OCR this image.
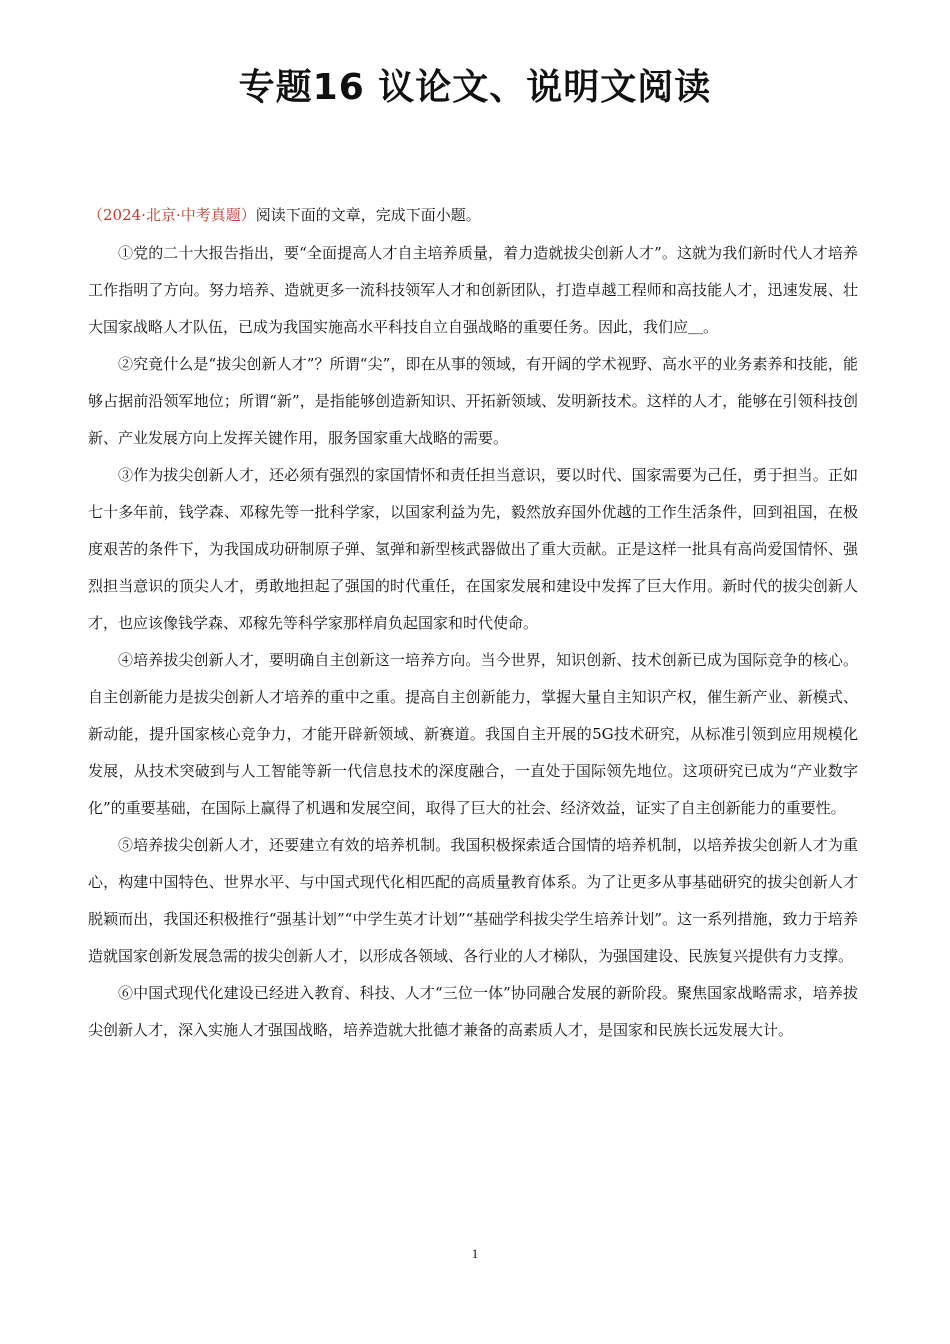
专题16 议论文、说明文阅读

（2024·北京·中考真题）阅读下面的文章，完成下面小题。

①党的二十大报告指出，要“全面提高人才自主培养质量，着力造就拔尖创新人才”。这就为我们新时代人才培养工作指明了方向。努力培养、造就更多一流科技领军人才和创新团队，打造卓越工程师和高技能人才，迅速发展、壮大国家战略人才队伍，已成为我国实施高水平科技自立自强战略的重要任务。因此，我们应＿。

②究竟什么是“拔尖创新人才”？所谓“尖”，即在从事的领域，有开阔的学术视野、高水平的业务素养和技能，能够占据前沿领军地位；所谓“新”，是指能够创造新知识、开拓新领域、发明新技术。这样的人才，能够在引领科技创新、产业发展方向上发挥关键作用，服务国家重大战略的需要。

③作为拔尖创新人才，还必须有强烈的家国情怀和责任担当意识，要以时代、国家需要为己任，勇于担当。正如七十多年前，钱学森、邓稼先等一批科学家，以国家利益为先，毅然放弃国外优越的工作生活条件，回到祖国，在极度艰苦的条件下，为我国成功研制原子弹、氢弹和新型核武器做出了重大贡献。正是这样一批具有高尚爱国情怀、强烈担当意识的顶尖人才，勇敢地担起了强国的时代重任，在国家发展和建设中发挥了巨大作用。新时代的拔尖创新人才，也应该像钱学森、邓稼先等科学家那样肩负起国家和时代使命。

④培养拔尖创新人才，要明确自主创新这一培养方向。当今世界，知识创新、技术创新已成为国际竞争的核心。自主创新能力是拔尖创新人才培养的重中之重。提高自主创新能力，掌握大量自主知识产权，催生新产业、新模式、新动能，提升国家核心竞争力，才能开辟新领域、新赛道。我国自主开展的5G技术研究，从标准引领到应用规模化发展，从技术突破到与人工智能等新一代信息技术的深度融合，一直处于国际领先地位。这项研究已成为“产业数字化”的重要基础，在国际上赢得了机遇和发展空间，取得了巨大的社会、经济效益，证实了自主创新能力的重要性。

⑤培养拔尖创新人才，还要建立有效的培养机制。我国积极探索适合国情的培养机制，以培养拔尖创新人才为重心，构建中国特色、世界水平、与中国式现代化相匹配的高质量教育体系。为了让更多从事基础研究的拔尖创新人才脱颖而出，我国还积极推行“强基计划”“中学生英才计划”“基础学科拔尖学生培养计划”。这一系列措施，致力于培养造就国家创新发展急需的拔尖创新人才，以形成各领域、各行业的人才梯队，为强国建设、民族复兴提供有力支撑。

⑥中国式现代化建设已经进入教育、科技、人才“三位一体”协同融合发展的新阶段。聚焦国家战略需求，培养拔尖创新人才，深入实施人才强国战略，培养造就大批德才兼备的高素质人才，是国家和民族长远发展大计。

1
